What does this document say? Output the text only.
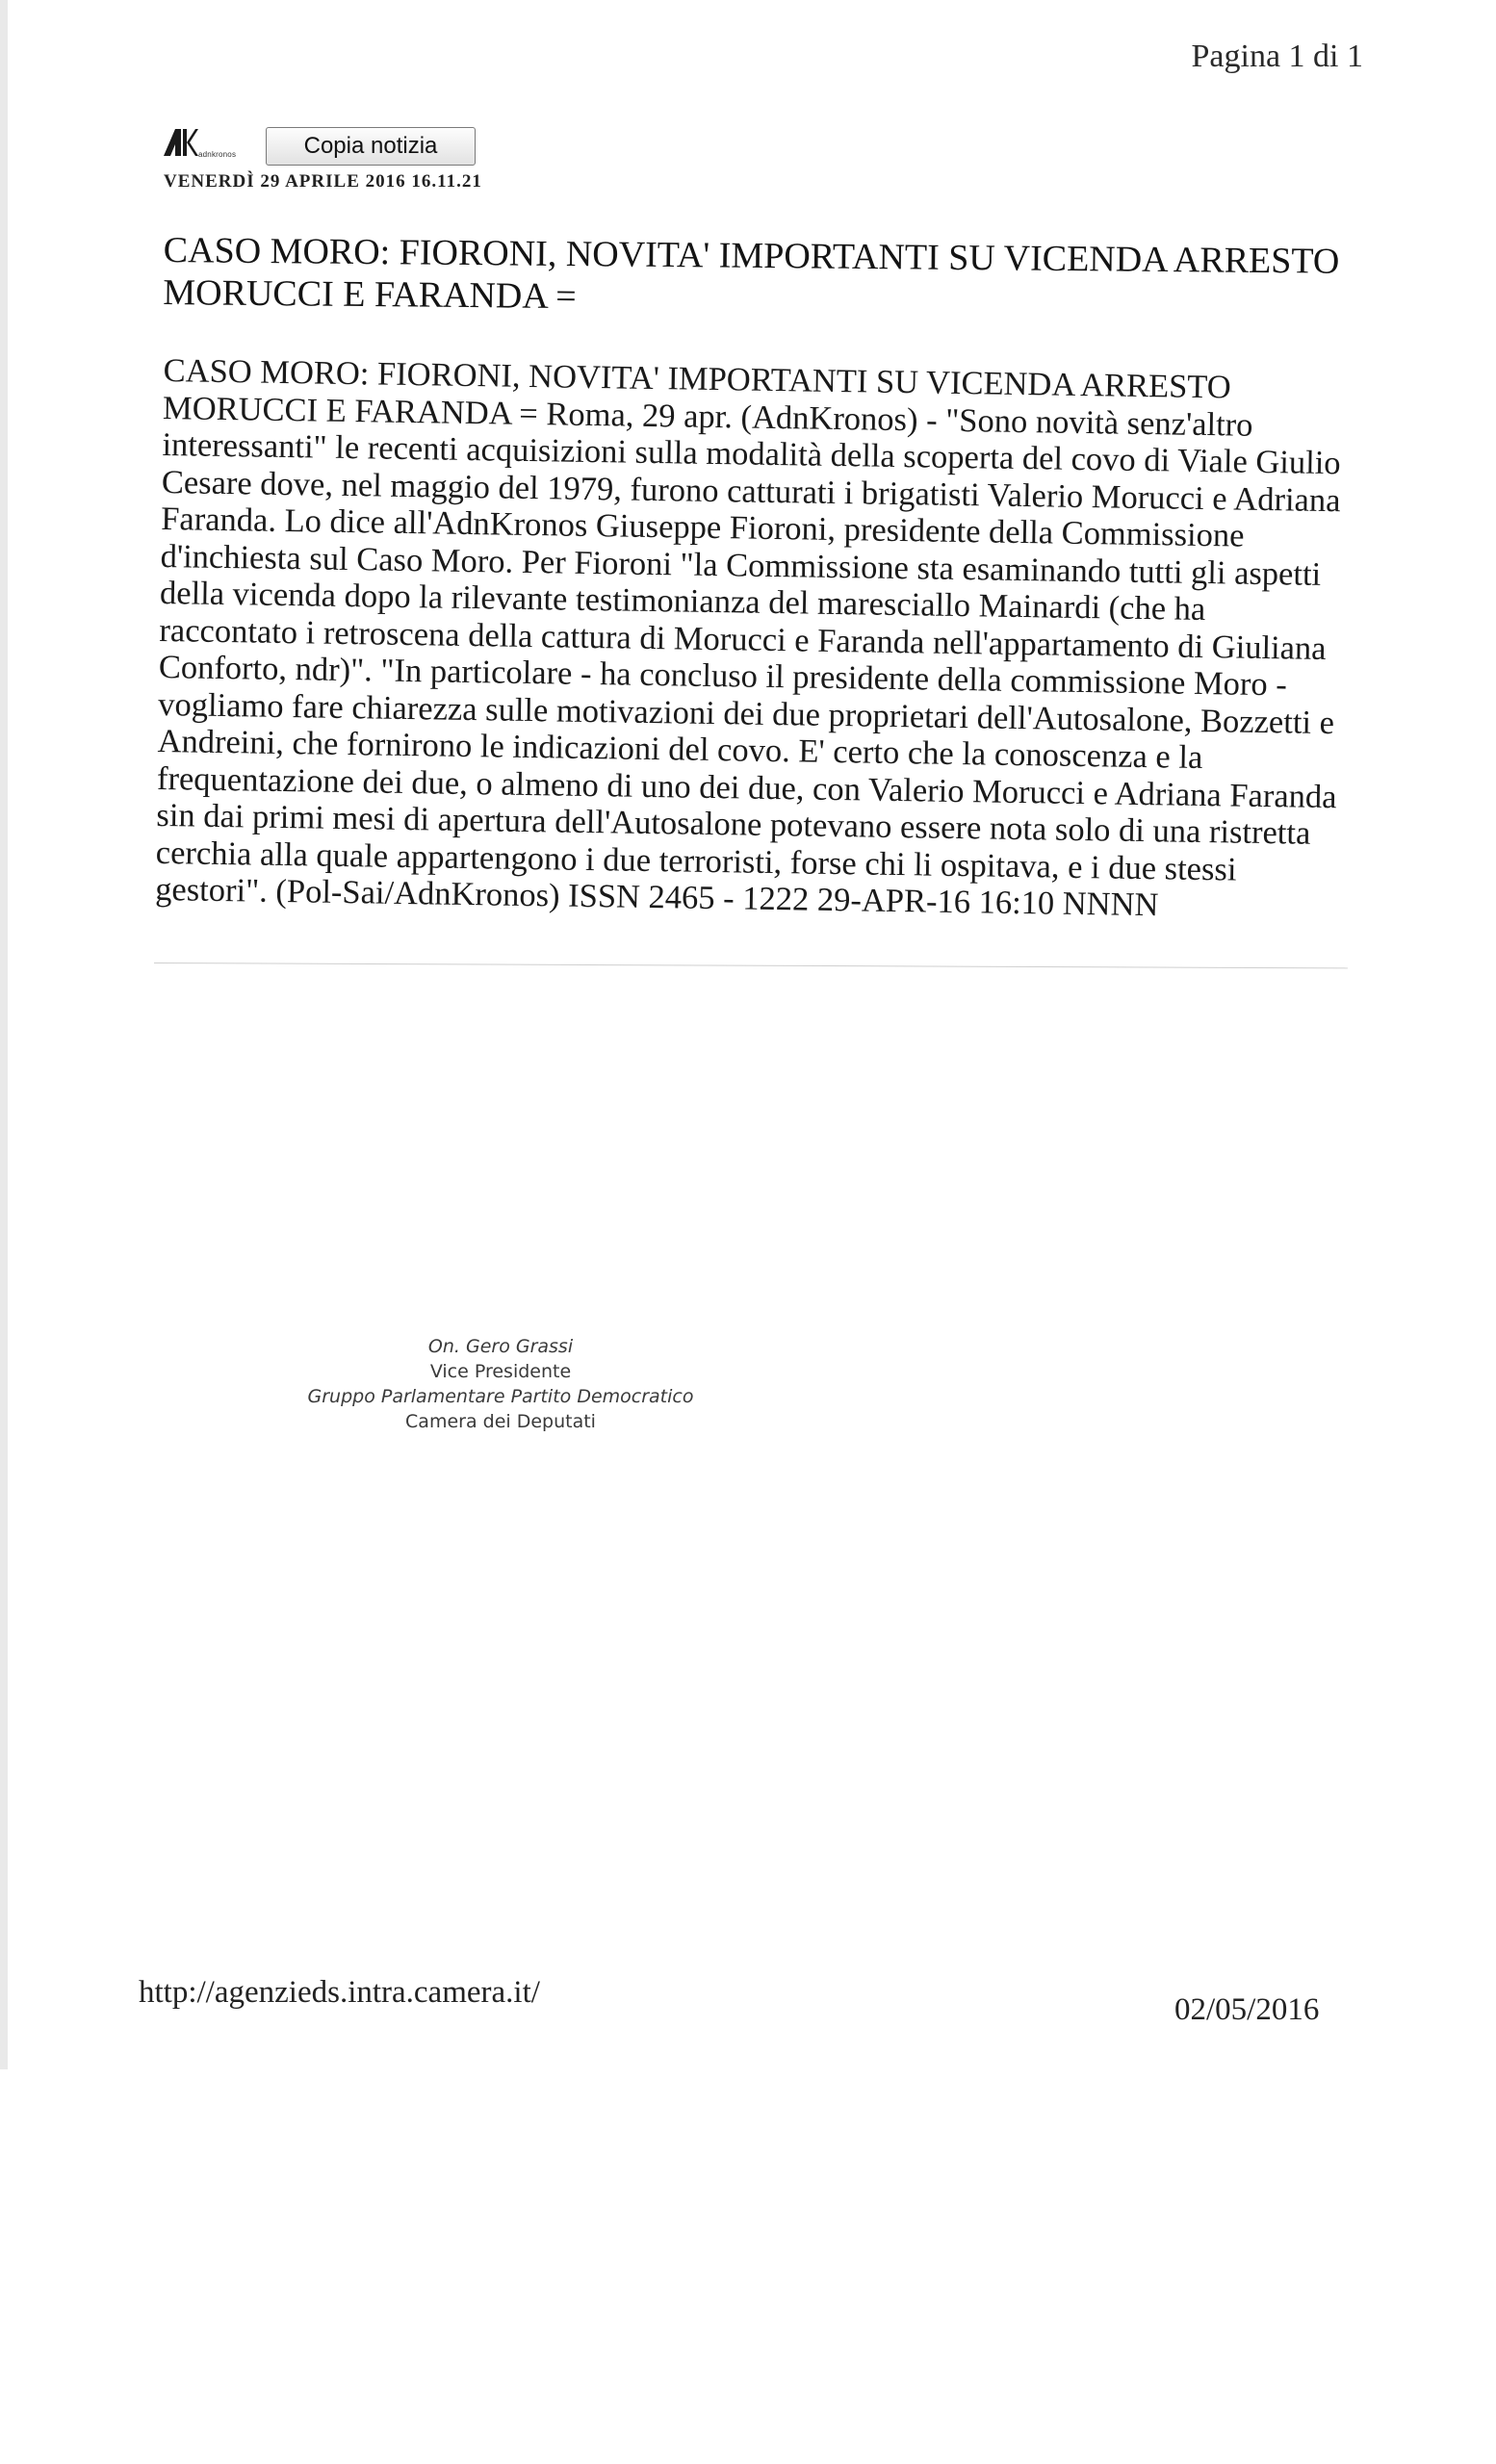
Pagina 1 di 1
adnkronos	Copia notizia
VENERDÌ 29 APRILE 2016 16.11.21
CASO MORO: FIORONI, NOVITA' IMPORTANTI SU VICENDA ARRESTO MORUCCI E FARANDA =

CASO MORO: FIORONI, NOVITA' IMPORTANTI SU VICENDA ARRESTO MORUCCI E FARANDA = Roma, 29 apr. (AdnKronos) - "Sono novità senz'altro interessanti" le recenti acquisizioni sulla modalità della scoperta del covo di Viale Giulio Cesare dove, nel maggio del 1979, furono catturati i brigatisti Valerio Morucci e Adriana Faranda. Lo dice all'AdnKronos Giuseppe Fioroni, presidente della Commissione d'inchiesta sul Caso Moro. Per Fioroni "la Commissione sta esaminando tutti gli aspetti della vicenda dopo la rilevante testimonianza del maresciallo Mainardi (che ha raccontato i retroscena della cattura di Morucci e Faranda nell'appartamento di Giuliana Conforto, ndr)". "In particolare - ha concluso il presidente della commissione Moro - vogliamo fare chiarezza sulle motivazioni dei due proprietari dell'Autosalone, Bozzetti e Andreini, che fornirono le indicazioni del covo. E' certo che la conoscenza e la frequentazione dei due, o almeno di uno dei due, con Valerio Morucci e Adriana Faranda sin dai primi mesi di apertura dell'Autosalone potevano essere nota solo di una ristretta cerchia alla quale appartengono i due terroristi, forse chi li ospitava, e i due stessi gestori". (Pol-Sai/AdnKronos) ISSN 2465 - 1222 29-APR-16 16:10 NNNN

On. Gero Grassi
Vice Presidente
Gruppo Parlamentare Partito Democratico
Camera dei Deputati
http://agenzieds.intra.camera.it/	02/05/2016
